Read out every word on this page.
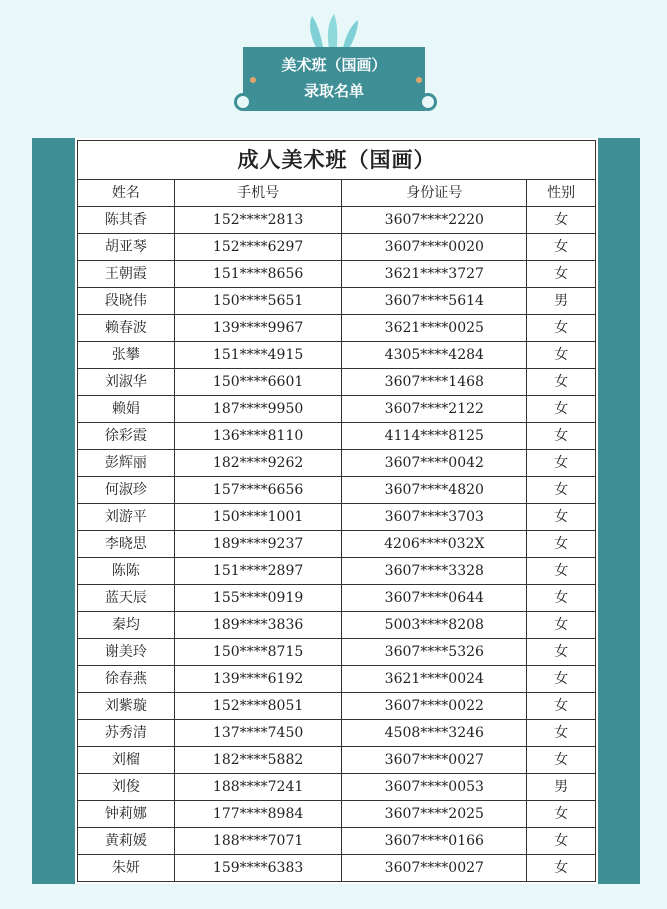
美术班（国画）
录取名单
成人美术班（国画）			
姓名	手机号	身份证号	性别
陈其香	152****2813	3607****2220	女
胡亚琴	152****6297	3607****0020	女
王朝霞	151****8656	3621****3727	女
段晓伟	150****5651	3607****5614	男
赖春波	139****9967	3621****0025	女
张攀	151****4915	4305****4284	女
刘淑华	150****6601	3607****1468	女
赖娟	187****9950	3607****2122	女
徐彩霞	136****8110	4114****8125	女
彭辉丽	182****9262	3607****0042	女
何淑珍	157****6656	3607****4820	女
刘游平	150****1001	3607****3703	女
李晓思	189****9237	4206****032X	女
陈陈	151****2897	3607****3328	女
蓝天辰	155****0919	3607****0644	女
秦均	189****3836	5003****8208	女
谢美玲	150****8715	3607****5326	女
徐春燕	139****6192	3621****0024	女
刘紫璇	152****8051	3607****0022	女
苏秀清	137****7450	4508****3246	女
刘榴	182****5882	3607****0027	女
刘俊	188****7241	3607****0053	男
钟莉娜	177****8984	3607****2025	女
黄莉媛	188****7071	3607****0166	女
朱妍	159****6383	3607****0027	女
